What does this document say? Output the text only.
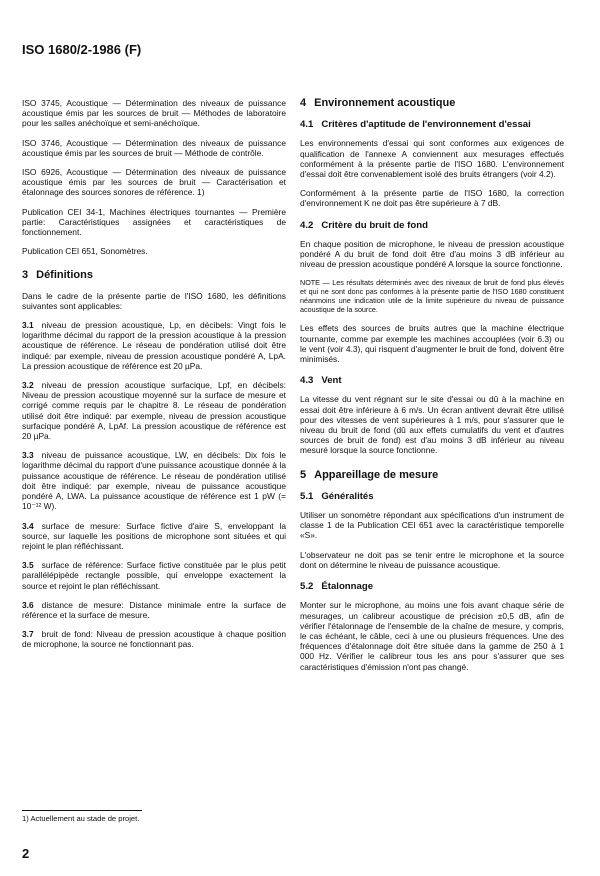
ISO 1680/2-1986 (F)

ISO 3745, Acoustique — Détermination des niveaux de puissance acoustique émis par les sources de bruit — Méthodes de laboratoire pour les salles anéchoïque et semi-anéchoïque.

ISO 3746, Acoustique — Détermination des niveaux de puissance acoustique émis par les sources de bruit — Méthode de contrôle.

ISO 6926, Acoustique — Détermination des niveaux de puissance acoustique émis par les sources de bruit — Caractérisation et étalonnage des sources sonores de référence. 1)

Publication CEI 34-1, Machines électriques tournantes — Première partie: Caractéristiques assignées et caractéristiques de fonctionnement.

Publication CEI 651, Sonomètres.

3 Définitions

Dans le cadre de la présente partie de l'ISO 1680, les définitions suivantes sont applicables:

3.1 niveau de pression acoustique, Lp, en décibels: Vingt fois le logarithme décimal du rapport de la pression acoustique à la pression acoustique de référence. Le réseau de pondération utilisé doit être indiqué: par exemple, niveau de pression acoustique pondéré A, LpA. La pression acoustique de référence est 20 µPa.

3.2 niveau de pression acoustique surfacique, Lpf, en décibels: Niveau de pression acoustique moyenné sur la surface de mesure et corrigé comme requis par le chapitre 8. Le réseau de pondération utilisé doit être indiqué: par exemple, niveau de pression acoustique surfacique pondéré A, LpAf. La pression acoustique de référence est 20 µPa.

3.3 niveau de puissance acoustique, LW, en décibels: Dix fois le logarithme décimal du rapport d'une puissance acoustique donnée à la puissance acoustique de référence. Le réseau de pondération utilisé doit être indiqué: par exemple, niveau de puissance acoustique pondéré A, LWA. La puissance acoustique de référence est 1 pW (= 10⁻¹² W).

3.4 surface de mesure: Surface fictive d'aire S, enveloppant la source, sur laquelle les positions de microphone sont situées et qui rejoint le plan réfléchissant.

3.5 surface de référence: Surface fictive constituée par le plus petit parallélépipède rectangle possible, qui enveloppe exactement la source et rejoint le plan réfléchissant.

3.6 distance de mesure: Distance minimale entre la surface de référence et la surface de mesure.

3.7 bruit de fond: Niveau de pression acoustique à chaque position de microphone, la source ne fonctionnant pas.

4 Environnement acoustique
4.1 Critères d'aptitude de l'environnement d'essai

Les environnements d'essai qui sont conformes aux exigences de qualification de l'annexe A conviennent aux mesurages effectués conformément à la présente partie de l'ISO 1680. L'environnement d'essai doit être convenablement isolé des bruits étrangers (voir 4.2).

Conformément à la présente partie de l'ISO 1680, la correction d'environnement K ne doit pas être supérieure à 7 dB.

4.2 Critère du bruit de fond

En chaque position de microphone, le niveau de pression acoustique pondéré A du bruit de fond doit être d'au moins 3 dB inférieur au niveau de pression acoustique pondéré A lorsque la source fonctionne.

NOTE — Les résultats déterminés avec des niveaux de bruit de fond plus élevés et qui ne sont donc pas conformes à la présente partie de l'ISO 1680 constituent néanmoins une indication utile de la limite supérieure du niveau de puissance acoustique de la source.

Les effets des sources de bruits autres que la machine électrique tournante, comme par exemple les machines accouplées (voir 6.3) ou le vent (voir 4.3), qui risquent d'augmenter le bruit de fond, doivent être minimisés.

4.3 Vent

La vitesse du vent régnant sur le site d'essai ou dû à la machine en essai doit être inférieure à 6 m/s. Un écran antivent devrait être utilisé pour des vitesses de vent supérieures à 1 m/s, pour s'assurer que le niveau du bruit de fond (dû aux effets cumulatifs du vent et d'autres sources de bruit de fond) est d'au moins 3 dB inférieur au niveau mesuré lorsque la source fonctionne.

5 Appareillage de mesure
5.1 Généralités

Utiliser un sonomètre répondant aux spécifications d'un instrument de classe 1 de la Publication CEI 651 avec la caractéristique temporelle «S».

L'observateur ne doit pas se tenir entre le microphone et la source dont on détermine le niveau de puissance acoustique.

5.2 Étalonnage

Monter sur le microphone, au moins une fois avant chaque série de mesurages, un calibreur acoustique de précision ±0,5 dB, afin de vérifier l'étalonnage de l'ensemble de la chaîne de mesure, y compris, le cas échéant, le câble, ceci à une ou plusieurs fréquences. Une des fréquences d'étalonnage doit être située dans la gamme de 250 à 1 000 Hz. Vérifier le calibreur tous les ans pour s'assurer que ses caractéristiques d'émission n'ont pas changé.

1) Actuellement au stade de projet.
2
